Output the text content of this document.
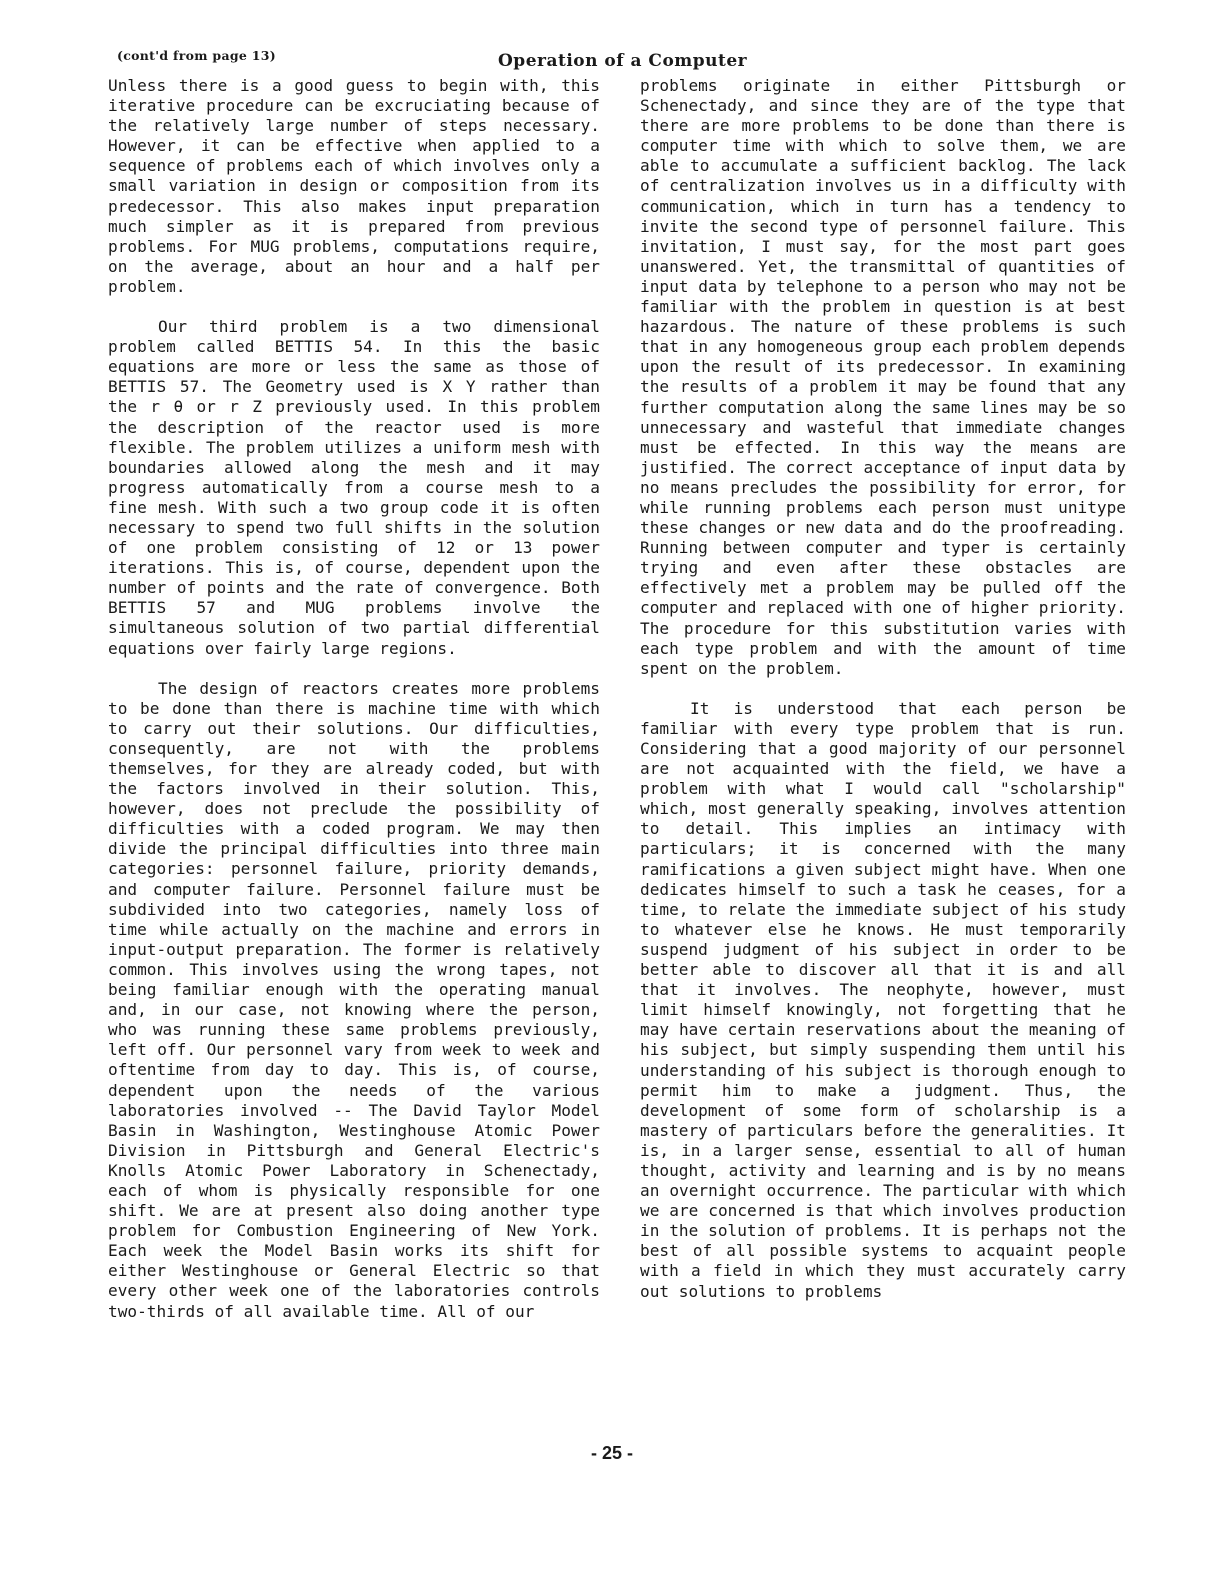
(cont'd from page 13)	Operation of a Computer

Unless there is a good guess to begin with, this iterative procedure can be excruciating because of the relatively large number of steps necessary. However, it can be effective when applied to a sequence of problems each of which involves only a small variation in design or composition from its predecessor. This also makes input preparation much simpler as it is prepared from previous problems. For MUG problems, computations require, on the average, about an hour and a half per problem.

Our third problem is a two dimensional problem called BETTIS 54. In this the basic equations are more or less the same as those of BETTIS 57. The Geometry used is X Y rather than the r θ or r Z previously used. In this problem the description of the reactor used is more flexible. The problem utilizes a uniform mesh with boundaries allowed along the mesh and it may progress automatically from a course mesh to a fine mesh. With such a two group code it is often necessary to spend two full shifts in the solution of one problem consisting of 12 or 13 power iterations. This is, of course, dependent upon the number of points and the rate of convergence. Both BETTIS 57 and MUG problems involve the simultaneous solution of two partial differential equations over fairly large regions.

The design of reactors creates more problems to be done than there is machine time with which to carry out their solutions. Our difficulties, consequently, are not with the problems themselves, for they are already coded, but with the factors involved in their solution. This, however, does not preclude the possibility of difficulties with a coded program. We may then divide the principal difficulties into three main categories: personnel failure, priority demands, and computer failure. Personnel failure must be subdivided into two categories, namely loss of time while actually on the machine and errors in input-output preparation. The former is relatively common. This involves using the wrong tapes, not being familiar enough with the operating manual and, in our case, not knowing where the person, who was running these same problems previously, left off. Our personnel vary from week to week and oftentime from day to day. This is, of course, dependent upon the needs of the various laboratories involved -- The David Taylor Model Basin in Washington, Westinghouse Atomic Power Division in Pittsburgh and General Electric's Knolls Atomic Power Laboratory in Schenectady, each of whom is physically responsible for one shift. We are at present also doing another type problem for Combustion Engineering of New York. Each week the Model Basin works its shift for either Westinghouse or General Electric so that every other week one of the laboratories controls two-thirds of all available time. All of our

problems originate in either Pittsburgh or Schenectady, and since they are of the type that there are more problems to be done than there is computer time with which to solve them, we are able to accumulate a sufficient backlog. The lack of centralization involves us in a difficulty with communication, which in turn has a tendency to invite the second type of personnel failure. This invitation, I must say, for the most part goes unanswered. Yet, the transmittal of quantities of input data by telephone to a person who may not be familiar with the problem in question is at best hazardous. The nature of these problems is such that in any homogeneous group each problem depends upon the result of its predecessor. In examining the results of a problem it may be found that any further computation along the same lines may be so unnecessary and wasteful that immediate changes must be effected. In this way the means are justified. The correct acceptance of input data by no means precludes the possibility for error, for while running problems each person must unitype these changes or new data and do the proofreading. Running between computer and typer is certainly trying and even after these obstacles are effectively met a problem may be pulled off the computer and replaced with one of higher priority. The procedure for this substitution varies with each type problem and with the amount of time spent on the problem.

It is understood that each person be familiar with every type problem that is run. Considering that a good majority of our personnel are not acquainted with the field, we have a problem with what I would call "scholarship" which, most generally speaking, involves attention to detail. This implies an intimacy with particulars; it is concerned with the many ramifications a given subject might have. When one dedicates himself to such a task he ceases, for a time, to relate the immediate subject of his study to whatever else he knows. He must temporarily suspend judgment of his subject in order to be better able to discover all that it is and all that it involves. The neophyte, however, must limit himself knowingly, not forgetting that he may have certain reservations about the meaning of his subject, but simply suspending them until his understanding of his subject is thorough enough to permit him to make a judgment. Thus, the development of some form of scholarship is a mastery of particulars before the generalities. It is, in a larger sense, essential to all of human thought, activity and learning and is by no means an overnight occurrence. The particular with which we are concerned is that which involves production in the solution of problems. It is perhaps not the best of all possible systems to acquaint people with a field in which they must accurately carry out solutions to problems

- 25 -
